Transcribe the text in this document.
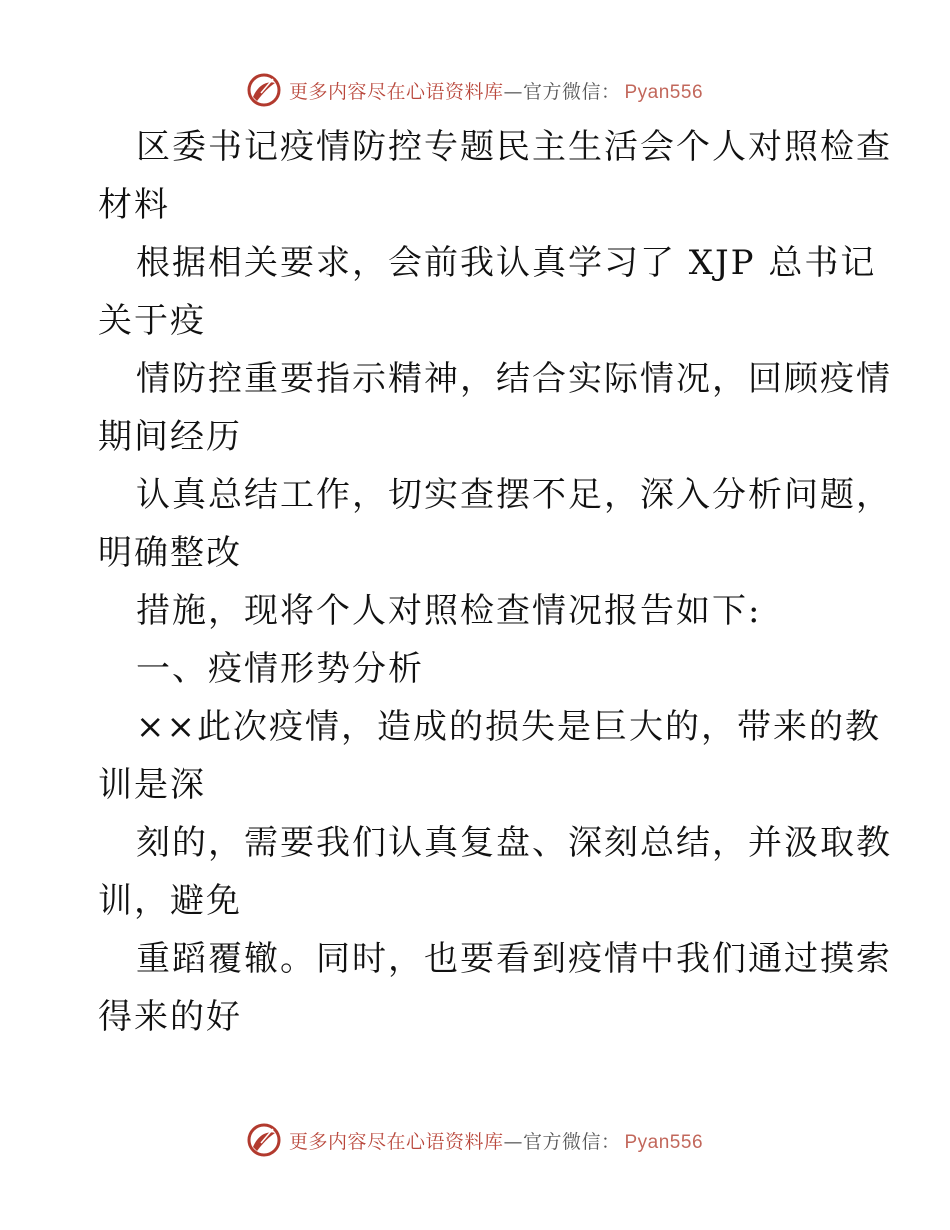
更多内容尽在心语资料库—官方微信： Pyan556
区委书记疫情防控专题民主生活会个人对照检查
材料
根据相关要求，会前我认真学习了 XJP 总书记
关于疫
情防控重要指示精神，结合实际情况，回顾疫情
期间经历
认真总结工作，切实查摆不足，深入分析问题，
明确整改
措施，现将个人对照检查情况报告如下:
一、疫情形势分析
××此次疫情，造成的损失是巨大的，带来的教
训是深
刻的，需要我们认真复盘、深刻总结，并汲取教
训，避免
重蹈覆辙。同时，也要看到疫情中我们通过摸索
得来的好
更多内容尽在心语资料库—官方微信： Pyan556
